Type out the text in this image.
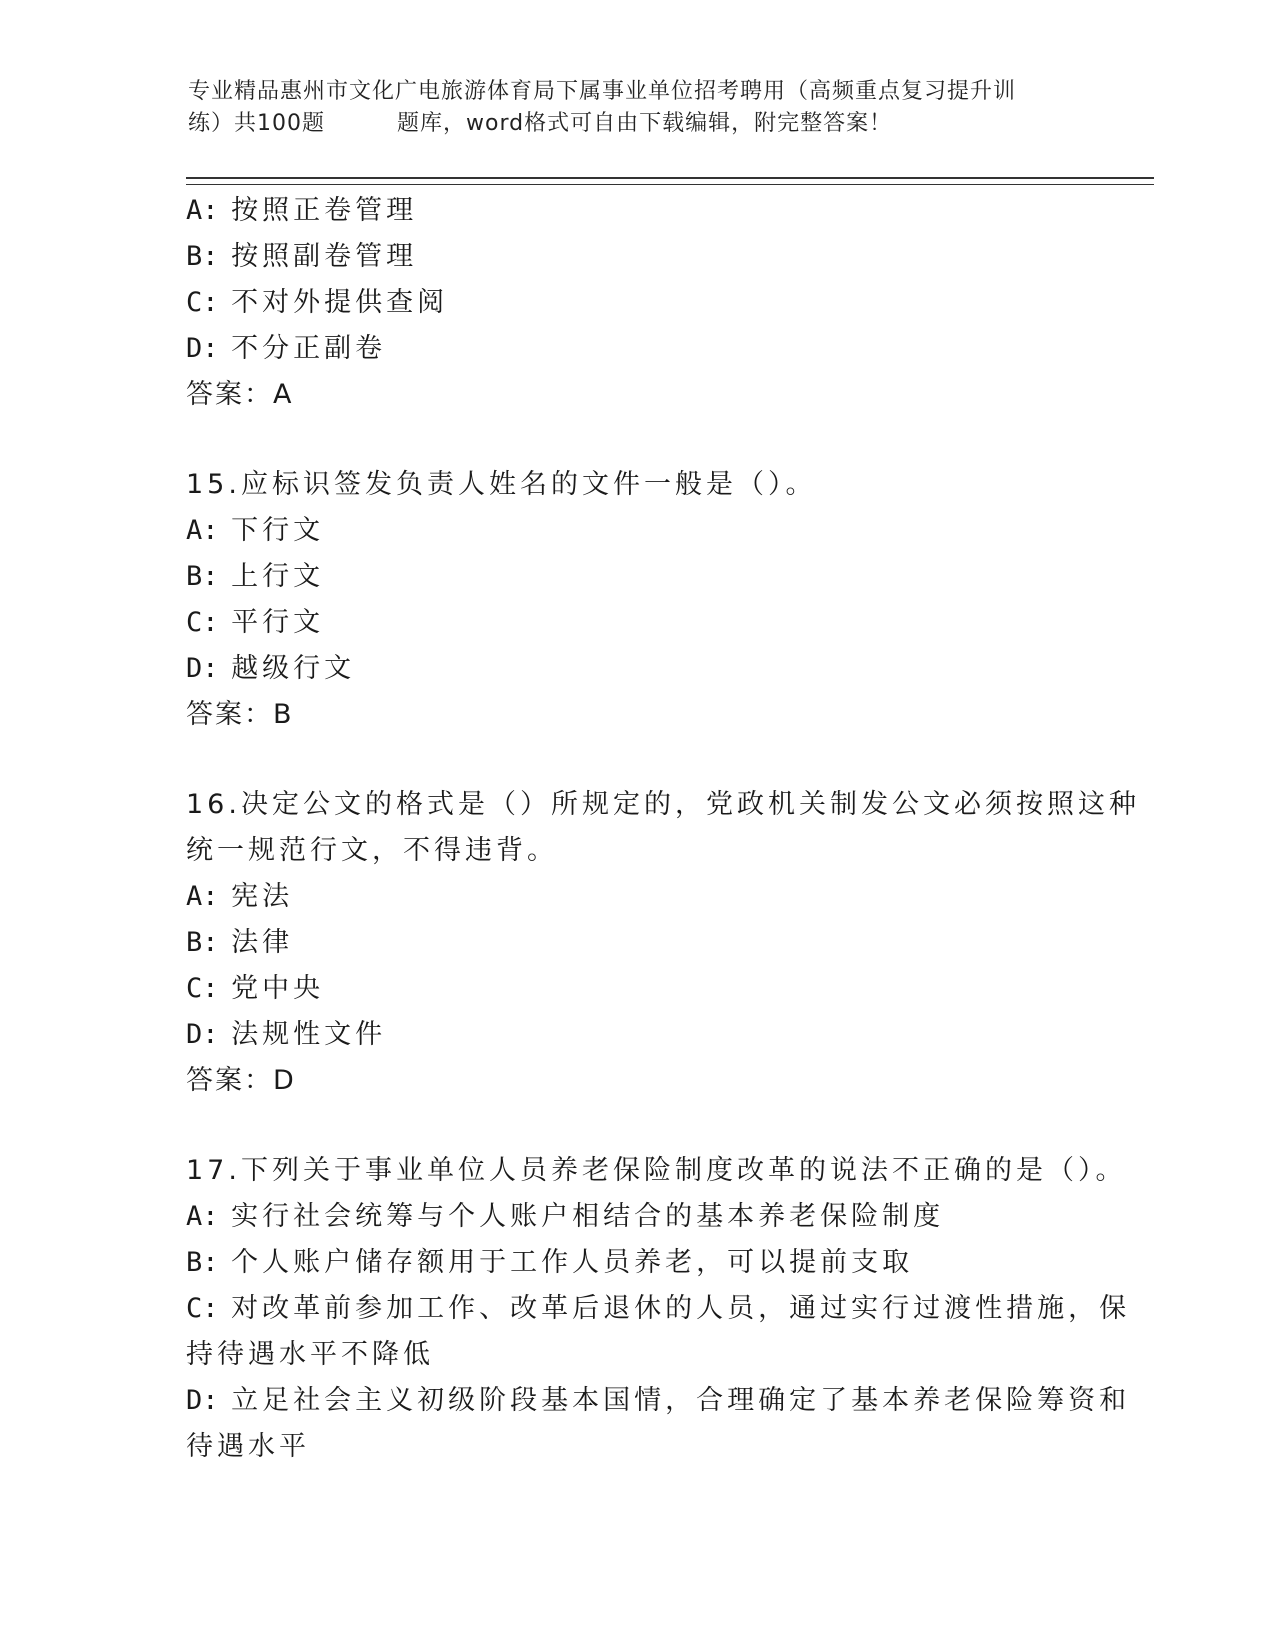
专业精品惠州市文化广电旅游体育局下属事业单位招考聘用（高频重点复习提升训
练）共100题	题库，word格式可自由下载编辑，附完整答案！
A: 按照正卷管理
B: 按照副卷管理
C: 不对外提供查阅
D: 不分正副卷
答案：A
15.应标识签发负责人姓名的文件一般是（）。
A: 下行文
B: 上行文
C: 平行文
D: 越级行文
答案：B
16.决定公文的格式是（）所规定的，党政机关制发公文必须按照这种
统一规范行文，不得违背。
A: 宪法
B: 法律
C: 党中央
D: 法规性文件
答案：D
17.下列关于事业单位人员养老保险制度改革的说法不正确的是（）。
A: 实行社会统筹与个人账户相结合的基本养老保险制度
B: 个人账户储存额用于工作人员养老，可以提前支取
C: 对改革前参加工作、改革后退休的人员，通过实行过渡性措施，保
持待遇水平不降低
D: 立足社会主义初级阶段基本国情，合理确定了基本养老保险筹资和
待遇水平
